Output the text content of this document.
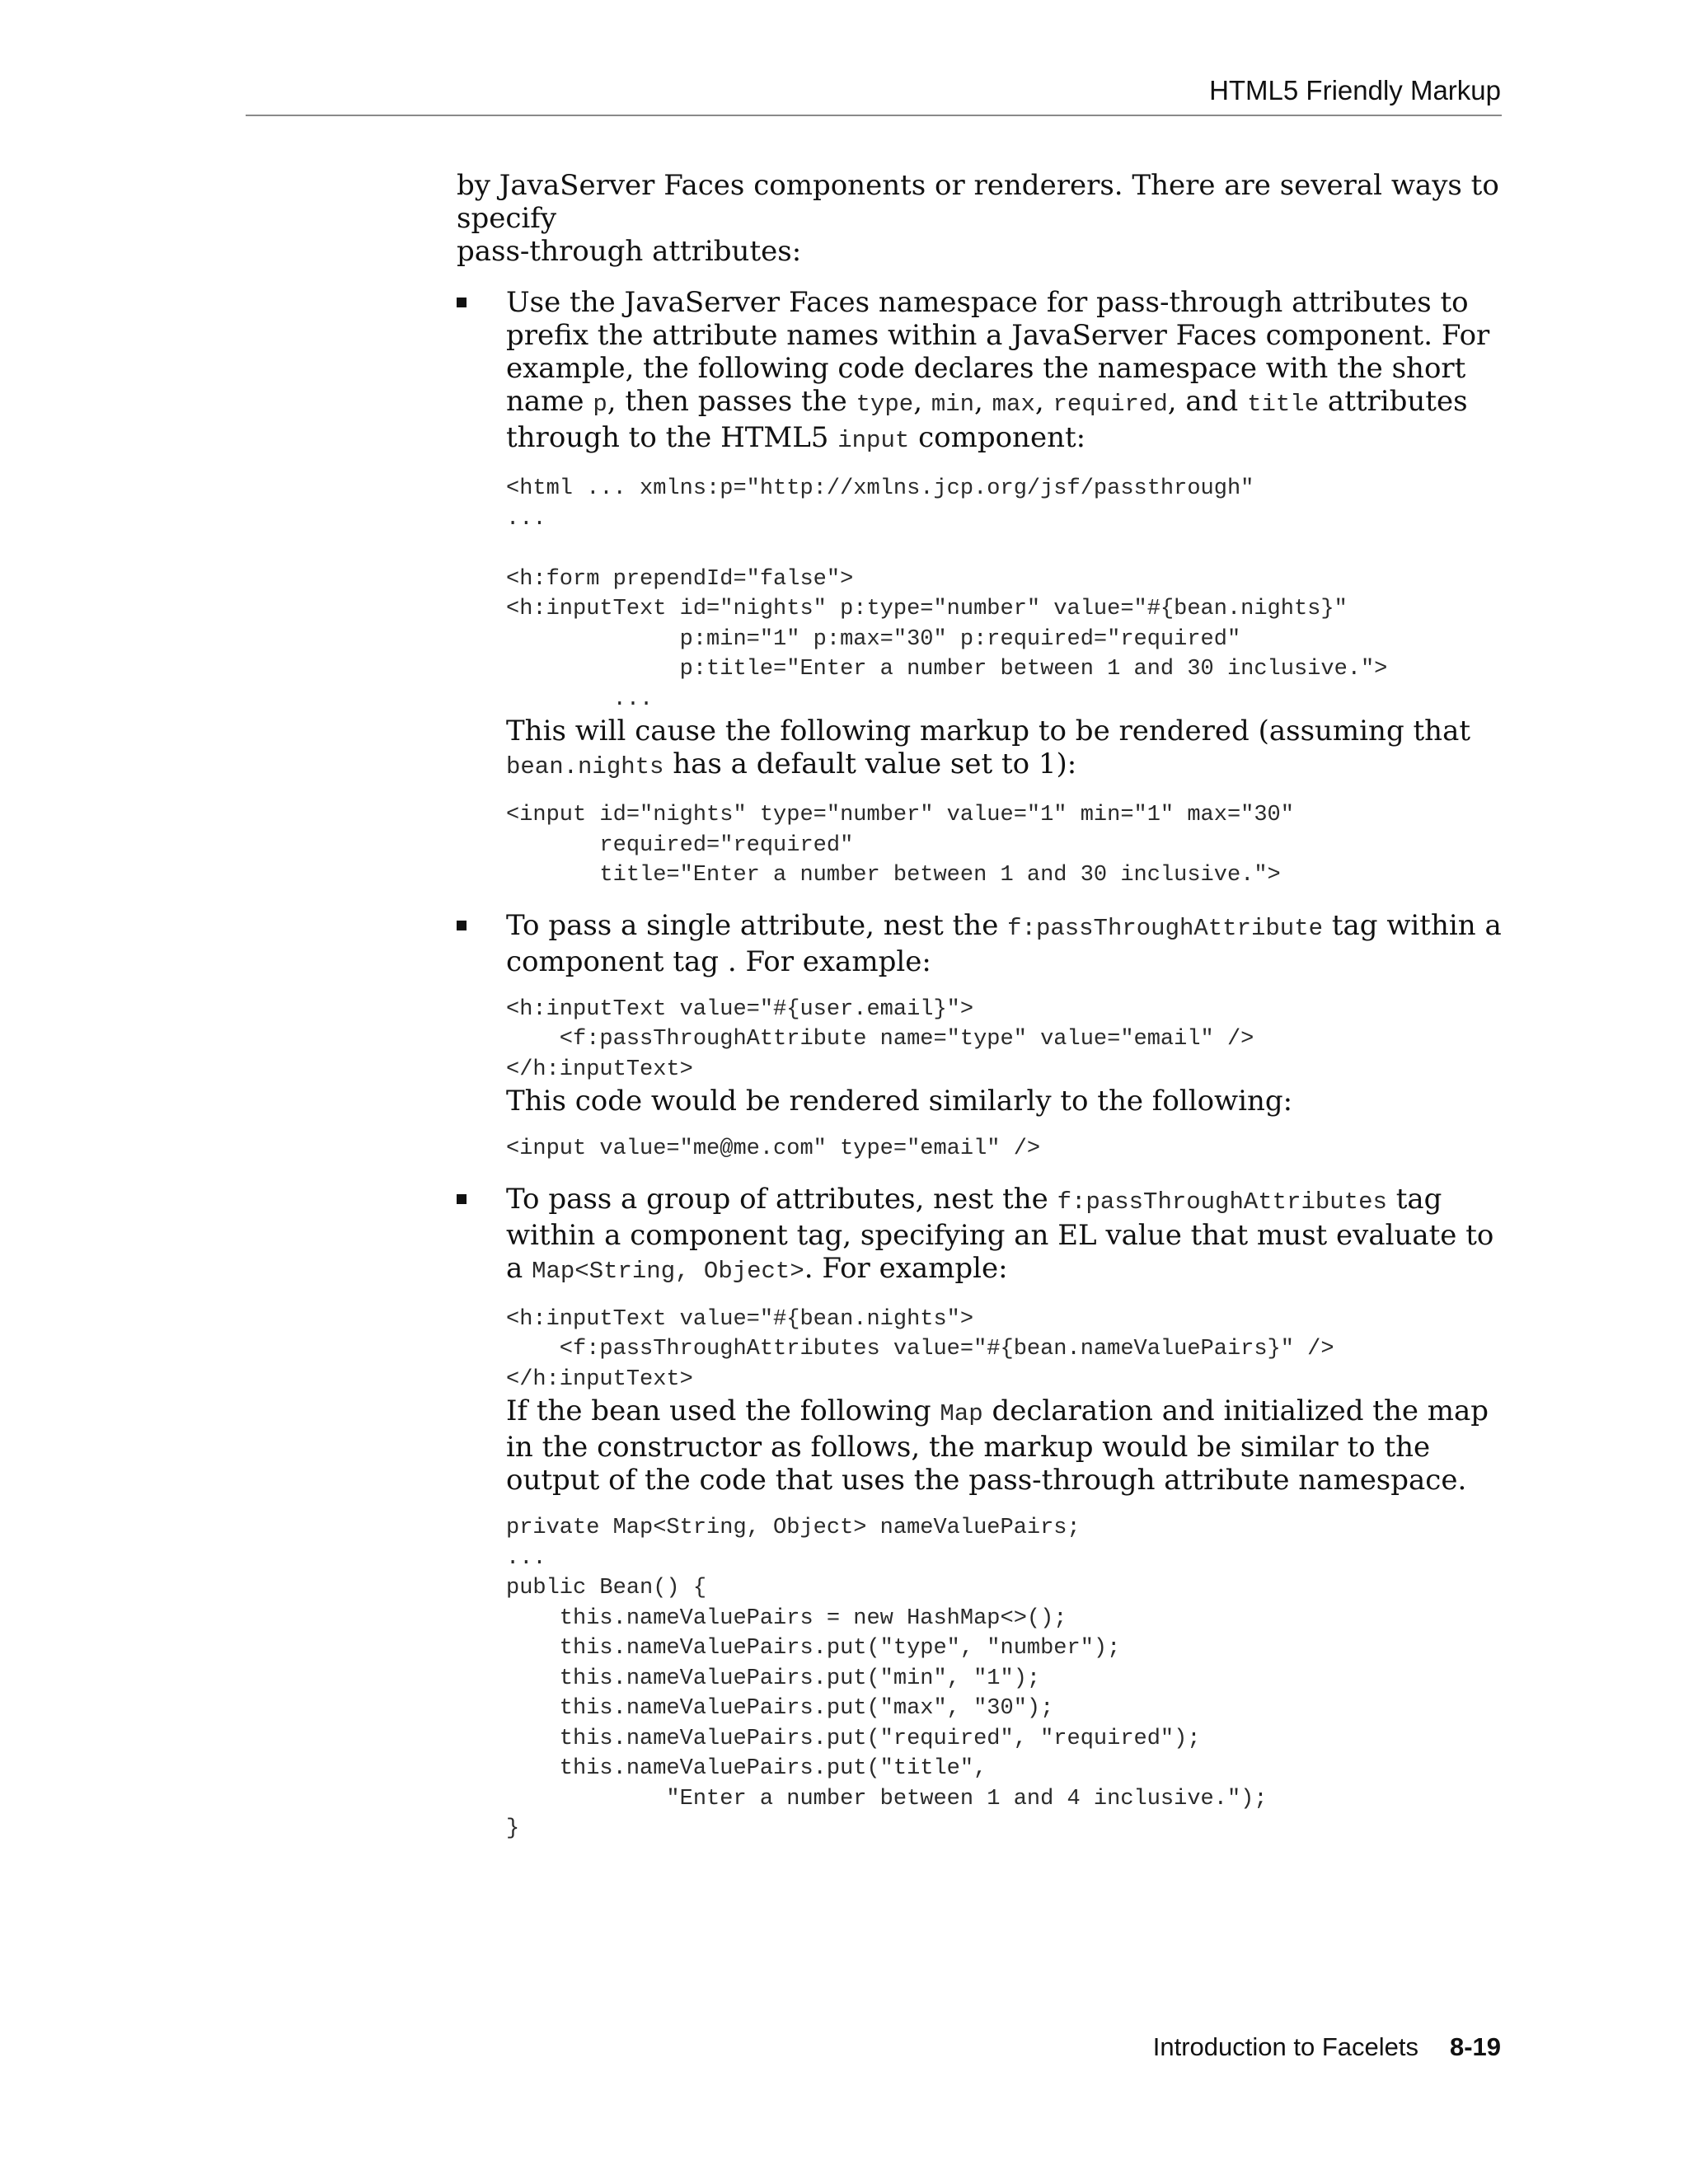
HTML5 Friendly Markup

by JavaServer Faces components or renderers. There are several ways to specify
pass-through attributes:

Use the JavaServer Faces namespace for pass-through attributes to prefix the attribute names within a JavaServer Faces component. For example, the following code declares the namespace with the short name p, then passes the type, min, max, required, and title attributes through to the HTML5 input component:

<html ... xmlns:p="http://xmlns.jcp.org/jsf/passthrough"
...

<h:form prependId="false">
<h:inputText id="nights" p:type="number" value="#{bean.nights}"
p:min="1" p:max="30" p:required="required"
p:title="Enter a number between 1 and 30 inclusive.">
...

This will cause the following markup to be rendered (assuming that bean.nights has a default value set to 1):

<input id="nights" type="number" value="1" min="1" max="30"
required="required"
title="Enter a number between 1 and 30 inclusive.">

To pass a single attribute, nest the f:passThroughAttribute tag within a component tag . For example:

<h:inputText value="#{user.email}">
<f:passThroughAttribute name="type" value="email" />
</h:inputText>

This code would be rendered similarly to the following:

<input value="me@me.com" type="email" />

To pass a group of attributes, nest the f:passThroughAttributes tag within a component tag, specifying an EL value that must evaluate to a Map<String, Object>. For example:

<h:inputText value="#{bean.nights">
<f:passThroughAttributes value="#{bean.nameValuePairs}" />
</h:inputText>

If the bean used the following Map declaration and initialized the map in the constructor as follows, the markup would be similar to the output of the code that uses the pass-through attribute namespace.

private Map<String, Object> nameValuePairs;
...
public Bean() {
this.nameValuePairs = new HashMap<>();
this.nameValuePairs.put("type", "number");
this.nameValuePairs.put("min", "1");
this.nameValuePairs.put("max", "30");
this.nameValuePairs.put("required", "required");
this.nameValuePairs.put("title",
"Enter a number between 1 and 4 inclusive.");
}
Introduction to Facelets 8-19
